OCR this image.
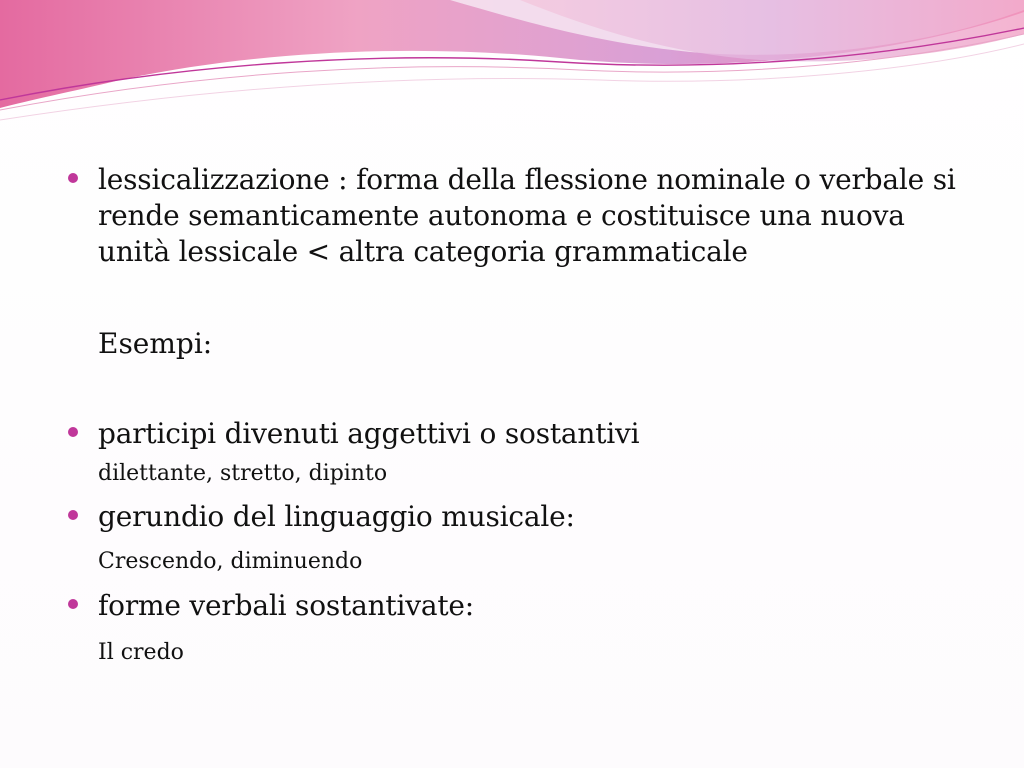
lessicalizzazione : forma della flessione nominale o verbale si rende semanticamente autonoma e costituisce una nuova unità lessicale < altra categoria grammaticale
Esempi:
participi divenuti aggettivi o sostantivi
dilettante, stretto, dipinto
gerundio del linguaggio musicale:
Crescendo, diminuendo
forme verbali sostantivate:
Il credo
